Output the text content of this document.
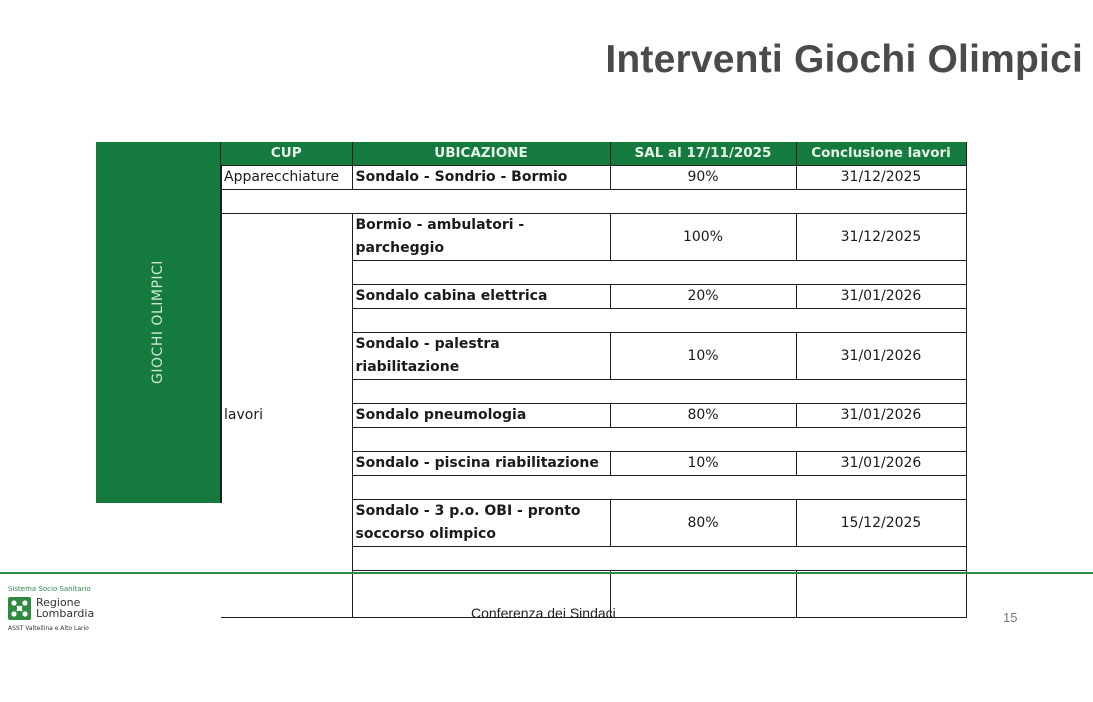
Interventi Giochi Olimpici
GIOCHI OLIMPICI
CUP	UBICAZIONE	SAL al 17/11/2025	Conclusione lavori
Apparecchiature	Sondalo - Sondrio - Bormio	90%	31/12/2025

lavori	Bormio - ambulatori - parcheggio	100%	31/12/2025

	Sondalo cabina elettrica	20%	31/01/2026

	Sondalo - palestra riabilitazione	10%	31/01/2026

	Sondalo pneumologia	80%	31/01/2026

	Sondalo - piscina riabilitazione	10%	31/01/2026

	Sondalo - 3 p.o. OBI - pronto soccorso olimpico	80%	15/12/2025

Sistema Socio Sanitario
Regione
Lombardia
ASST Valtellina e Alto Lario
Conferenza dei Sindaci	15
